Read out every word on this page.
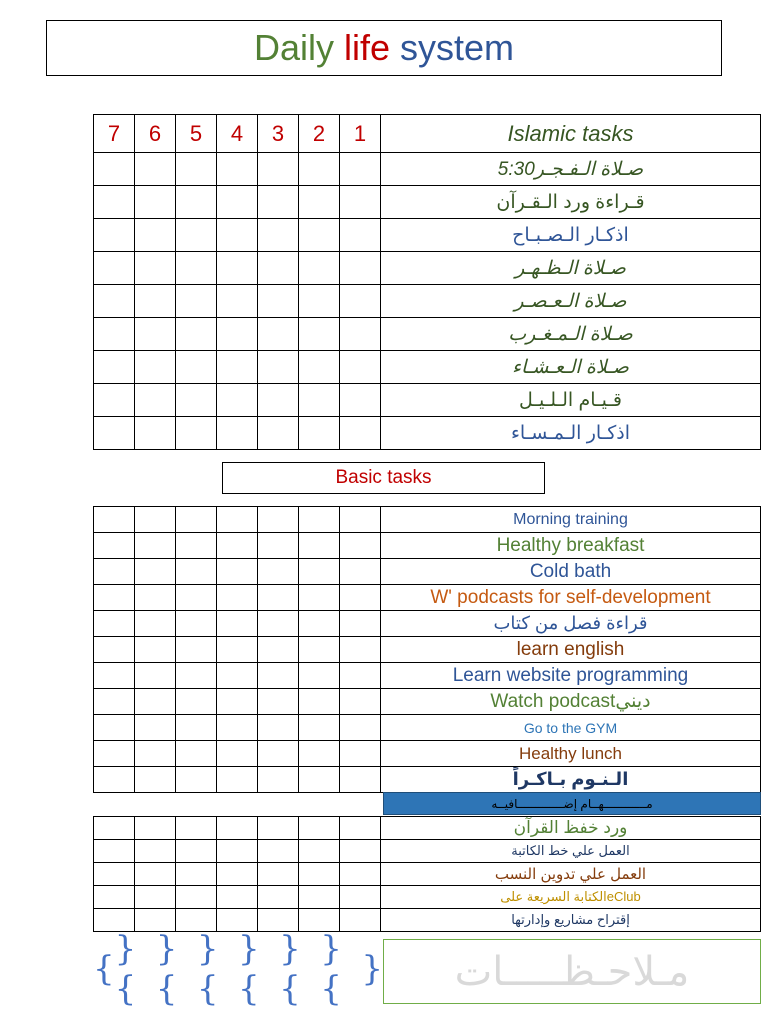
Daily life system
7	6	5	4	3	2	1	Islamic tasks
							صـلاة الـفـجـر5:30
							قـراءة ورد الـقـرآن
							اذكـار الـصـبـاح
							صـلاة الـظـهـر
							صـلاة الـعـصـر
							صـلاة الـمـغـرب
							صـلاة الـعـشـاء
							قـيـام الـلـيـل
							اذكـار الـمـسـاء
Basic tasks
							Morning training
							Healthy breakfast
							Cold bath
							W' podcasts for self-development
							قراءة فصل من كتاب
							learn english
							Learn website programming
							Watch podcastديني
							Go to the GYM
							Healthy lunch
							الـنـوم بـاكـراً
مــــــــــــهــام إضـــــــــــــافيــه
							ورد خفظ القرآن
							العمل علي خط الكاتبة
							العمل علي تدوين النسب
							الكتابة السريعة علىeClub
							إقتراح مشاريع وإدارتها
{ }{
}{
}{
}{
}{
}{ }	مـلاحـظـــــات
